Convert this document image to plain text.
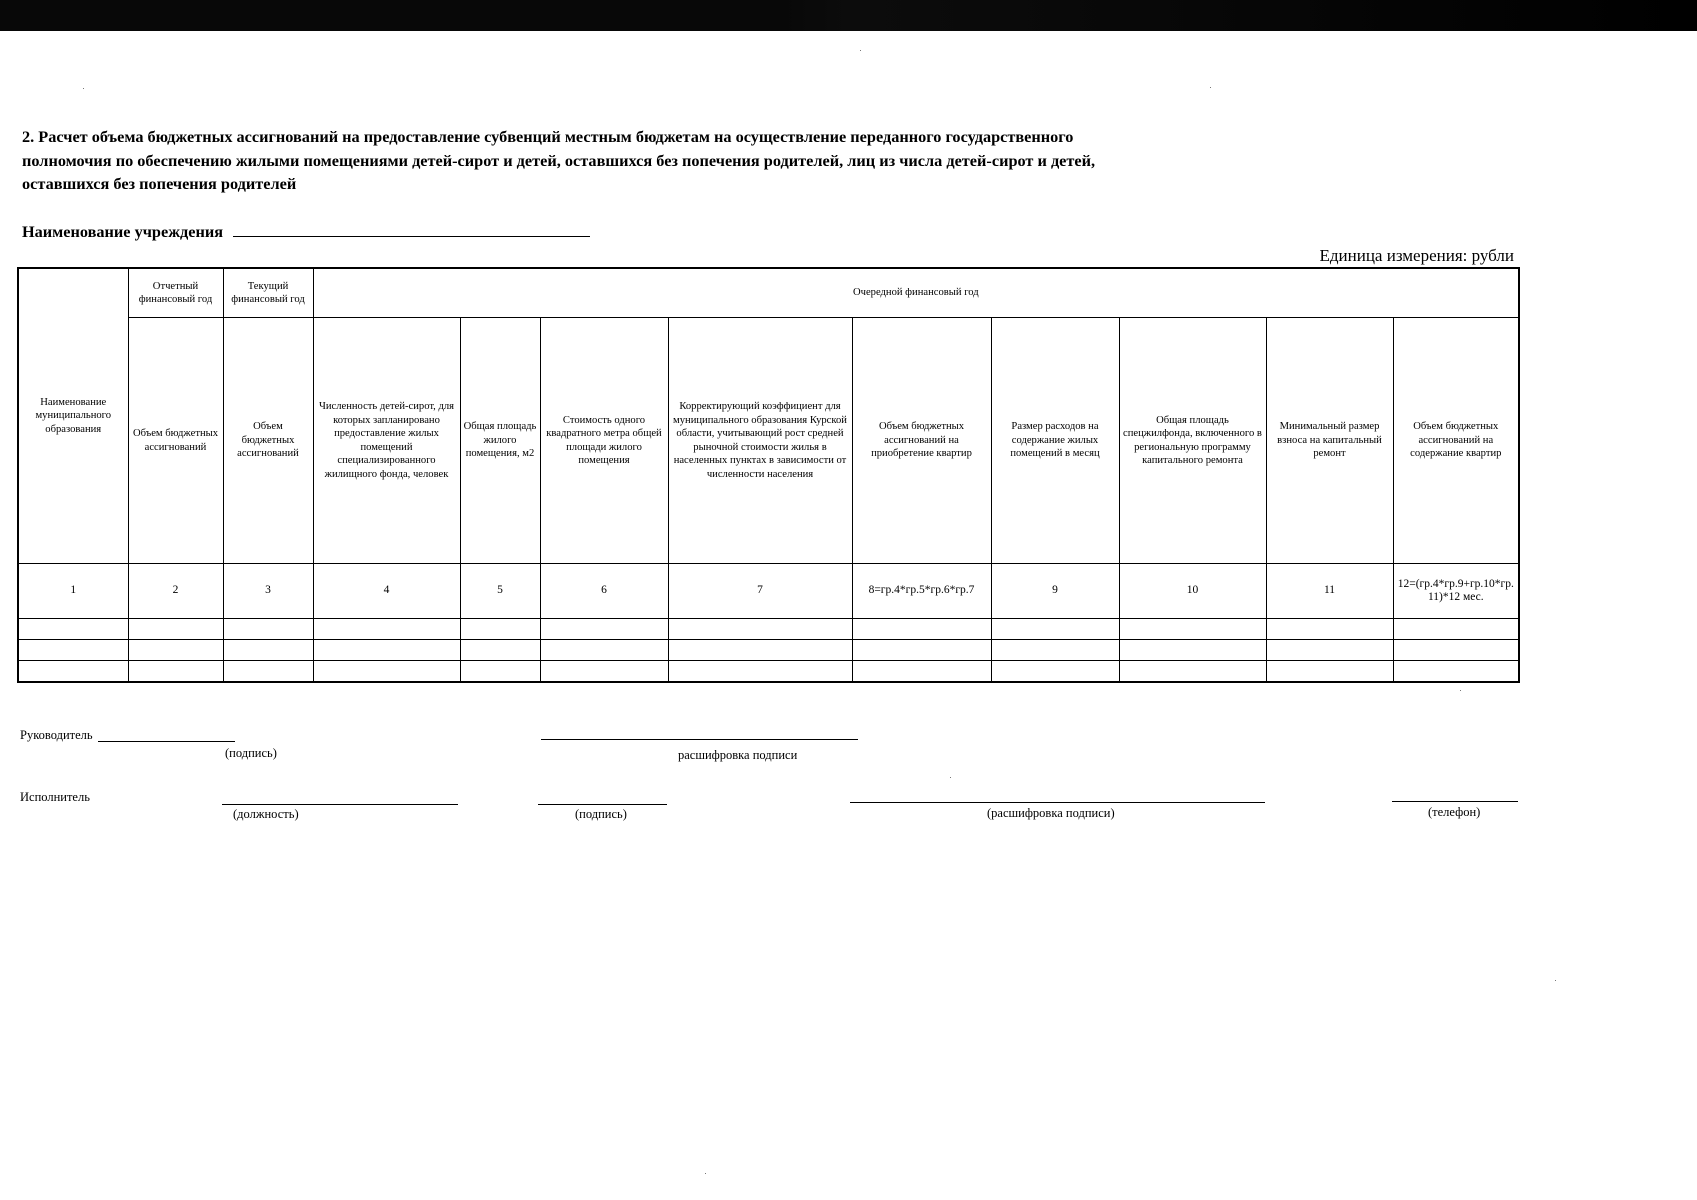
2. Расчет объема бюджетных ассигнований на предоставление субвенций местным бюджетам на осуществление переданного государственного полномочия по обеспечению жилыми помещениями детей-сирот и детей, оставшихся без попечения родителей, лиц из числа детей-сирот и детей, оставшихся без попечения родителей
Наименование учреждения
Единица измерения: рубли
Наименование муниципального образования	Отчетный финансовый год	Текущий финансовый год	Очередной финансовый год								
	Объем бюджетных ассигнований	Объем бюджетных ассигнований	Численность детей-сирот, для которых запланировано предоставление жилых помещений специализированного жилищного фонда, человек	Общая площадь жилого помещения, м2	Стоимость одного квадратного метра общей площади жилого помещения	Корректирующий коэффициент для муниципального образования Курской области, учитывающий рост средней рыночной стоимости жилья в населенных пунктах в зависимости от численности населения	Объем бюджетных ассигнований на приобретение квартир	Размер расходов на содержание жилых помещений в месяц	Общая площадь спецжилфонда, включенного в региональную программу капитального ремонта	Минимальный размер взноса на капитальный ремонт	Объем бюджетных ассигнований на содержание квартир
1	2	3	4	5	6	7	8=гр.4*гр.5*гр.6*гр.7	9	10	11	12=(гр.4*гр.9+гр.10*гр. 11)*12 мес.

Руководитель
(подпись)	расшифровка подписи
Исполнитель
(должность)	(подпись)	(расшифровка подписи)	(телефон)
